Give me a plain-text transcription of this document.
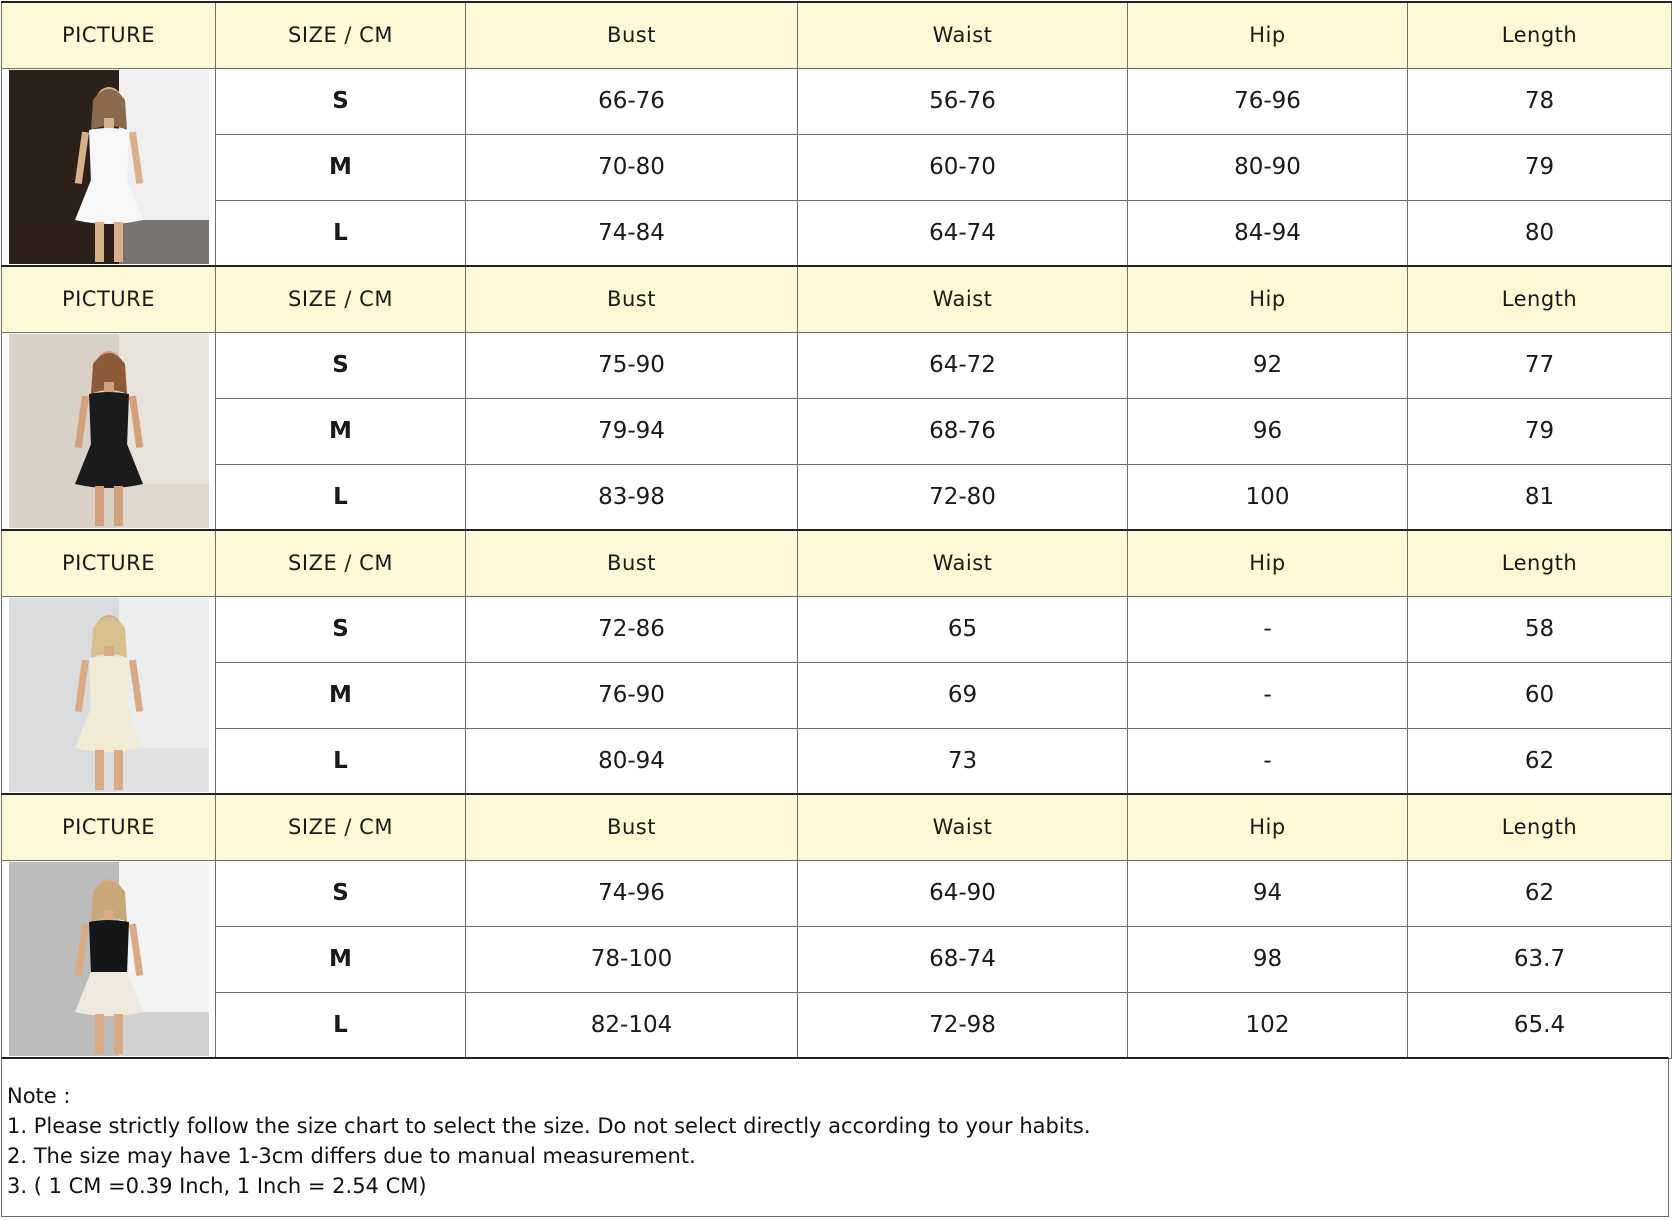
PICTURE	SIZE / CM	Bust	Waist	Hip	Length

	S	66-76	56-76	76-96	78
	M	70-80	60-70	80-90	79
	L	74-84	64-74	84-94	80
PICTURE	SIZE / CM	Bust	Waist	Hip	Length

	S	75-90	64-72	92	77
	M	79-94	68-76	96	79
	L	83-98	72-80	100	81
PICTURE	SIZE / CM	Bust	Waist	Hip	Length

	S	72-86	65	-	58
	M	76-90	69	-	60
	L	80-94	73	-	62
PICTURE	SIZE / CM	Bust	Waist	Hip	Length

	S	74-96	64-90	94	62
	M	78-100	68-74	98	63.7
	L	82-104	72-98	102	65.4
Note :
1. Please strictly follow the size chart to select the size. Do not select directly according to your habits.
2. The size may have 1-3cm differs due to manual measurement.
3. ( 1 CM =0.39 Inch, 1 Inch = 2.54 CM)
